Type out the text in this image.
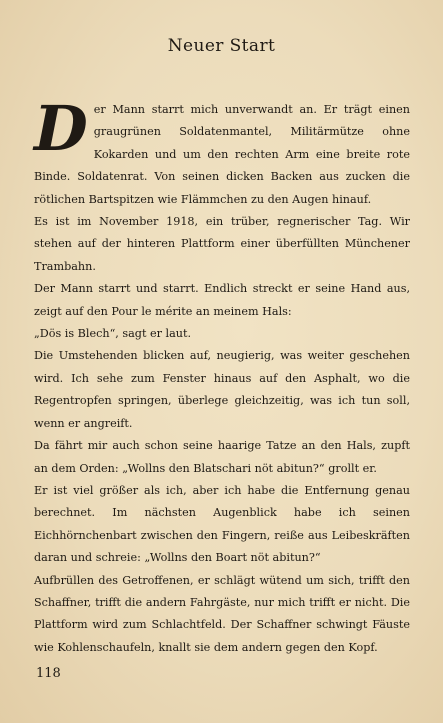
Neuer Start

Der Mann starrt mich unverwandt an. Er trägt einen graugrünen Soldatenmantel, Militärmütze ohne Kokarden und um den rechten Arm eine breite rote Binde. Soldatenrat. Von seinen dicken Backen aus zucken die rötlichen Bartspitzen wie Flämmchen zu den Augen hinauf.

Es ist im November 1918, ein trüber, regnerischer Tag. Wir stehen auf der hinteren Plattform einer überfüllten Münchener Trambahn.

Der Mann starrt und starrt. Endlich streckt er seine Hand aus, zeigt auf den Pour le mérite an meinem Hals:

„Dös is Blech“, sagt er laut.

Die Umstehenden blicken auf, neugierig, was weiter geschehen wird. Ich sehe zum Fenster hinaus auf den Asphalt, wo die Regentropfen springen, überlege gleichzeitig, was ich tun soll, wenn er angreift.

Da fährt mir auch schon seine haarige Tatze an den Hals, zupft an dem Orden: „Wollns den Blatschari nöt abitun?“ grollt er.

Er ist viel größer als ich, aber ich habe die Entfernung genau berechnet. Im nächsten Augenblick habe ich seinen Eichhörnchenbart zwischen den Fingern, reiße aus Leibeskräften daran und schreie: „Wollns den Boart nöt abitun?“

Aufbrüllen des Getroffenen, er schlägt wütend um sich, trifft den Schaffner, trifft die andern Fahrgäste, nur mich trifft er nicht. Die Plattform wird zum Schlachtfeld. Der Schaffner schwingt Fäuste wie Kohlenschaufeln, knallt sie dem andern gegen den Kopf.

118
